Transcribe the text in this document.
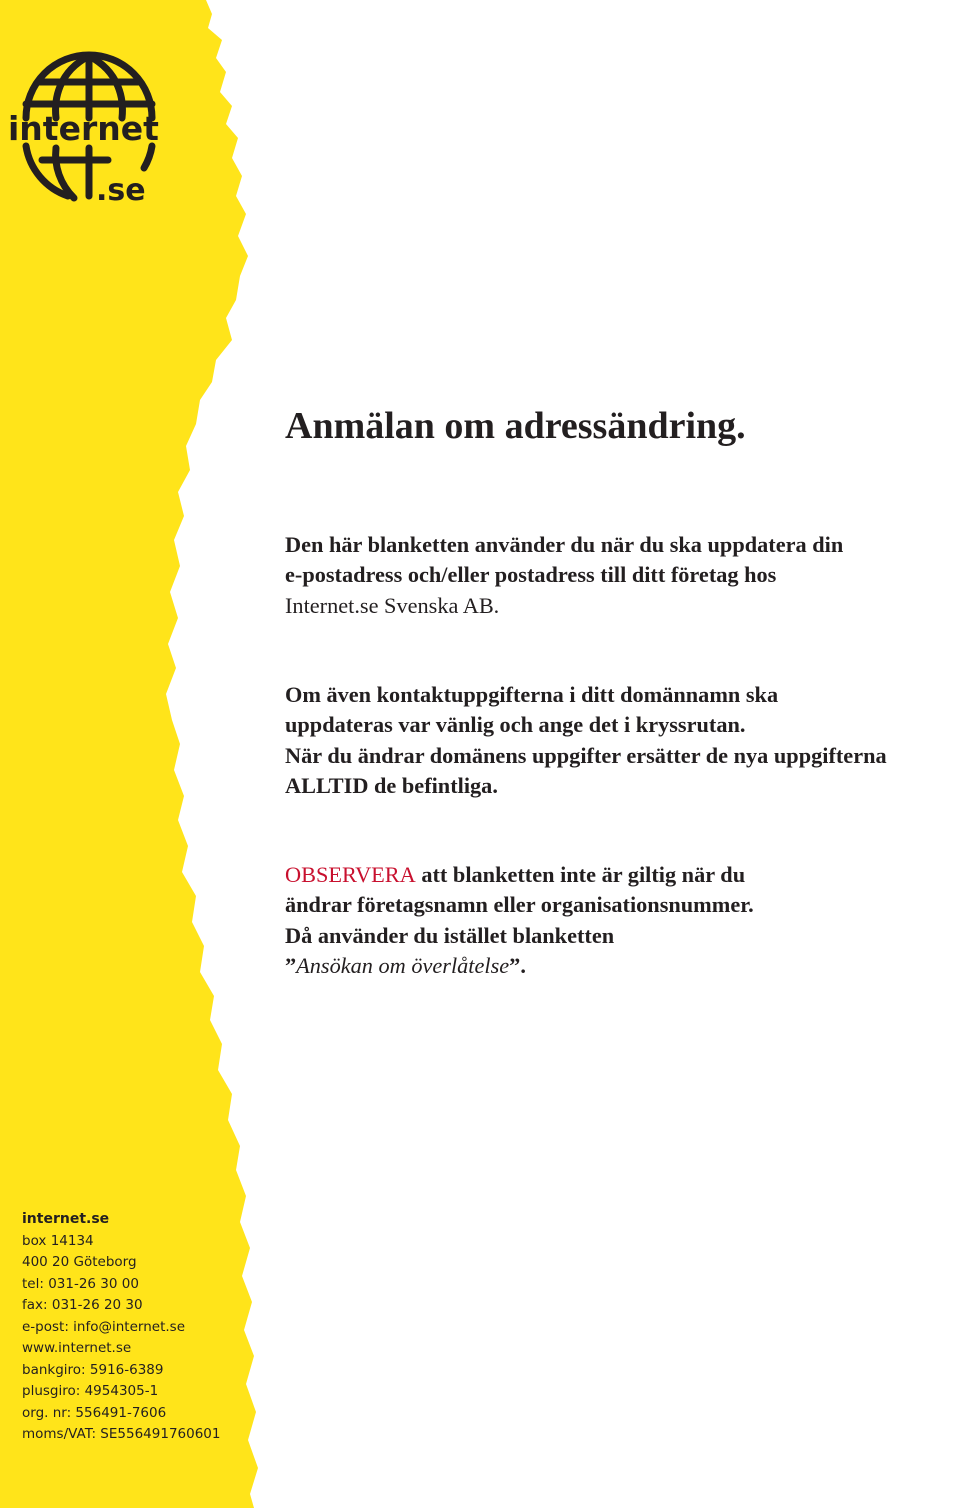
internet
.se
Anmälan om adressändring.

Den här blanketten använder du när du ska uppdatera din
e-postadress och/eller postadress till ditt företag hos
Internet.se Svenska AB.

Om även kontaktuppgifterna i ditt domännamn ska
uppdateras var vänlig och ange det i kryssrutan.
När du ändrar domänens uppgifter ersätter de nya uppgifterna
ALLTID de befintliga.

OBSERVERA att blanketten inte är giltig när du
ändrar företagsnamn eller organisationsnummer.
Då använder du istället blanketten
”Ansökan om överlåtelse”.

internet.se
box 14134
400 20 Göteborg
tel: 031-26 30 00
fax: 031-26 20 30
e-post: info@internet.se
www.internet.se
bankgiro: 5916-6389
plusgiro: 4954305-1
org. nr: 556491-7606
moms/VAT: SE556491760601
